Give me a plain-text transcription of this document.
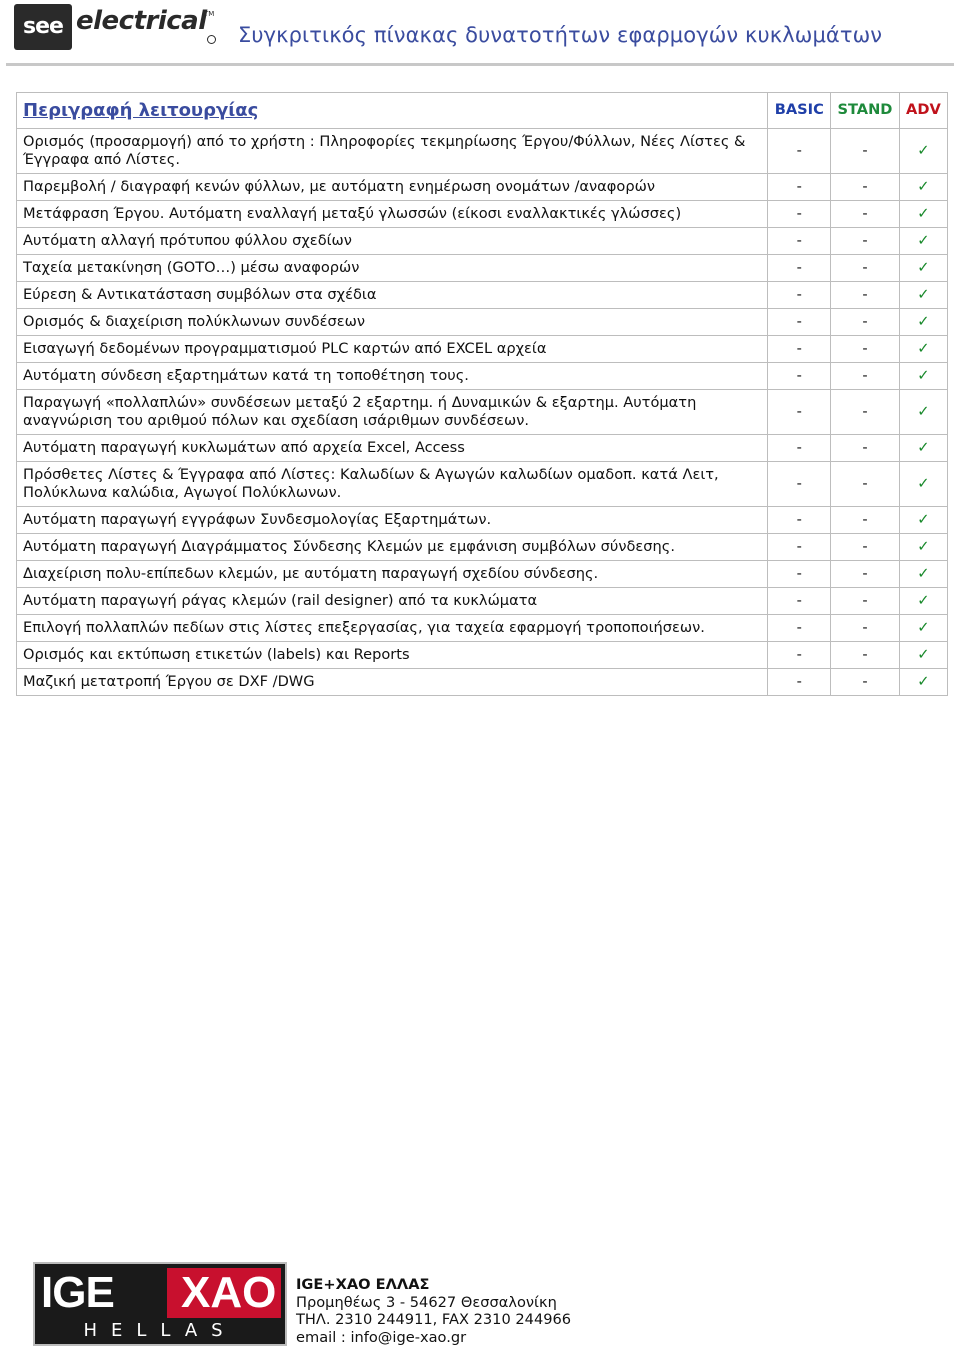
see electrical
TM
Συγκριτικός πίνακας δυνατοτήτων εφαρμογών κυκλωμάτων
Περιγραφή λειτουργίας	BASIC	STAND	ADV
Ορισμός (προσαρμογή) από το χρήστη : Πληροφορίες τεκμηρίωσης Έργου/Φύλλων, Νέες Λίστες & Έγγραφα από Λίστες.	-	-	✓
Παρεμβολή / διαγραφή κενών φύλλων, με αυτόματη ενημέρωση ονομάτων /αναφορών	-	-	✓
Μετάφραση Έργου. Αυτόματη εναλλαγή μεταξύ γλωσσών (είκοσι εναλλακτικές γλώσσες)	-	-	✓
Αυτόματη αλλαγή πρότυπου φύλλου σχεδίων	-	-	✓
Ταχεία μετακίνηση (GOTO…) μέσω αναφορών	-	-	✓
Εύρεση & Αντικατάσταση συμβόλων στα σχέδια	-	-	✓
Ορισμός & διαχείριση πολύκλωνων συνδέσεων	-	-	✓
Εισαγωγή δεδομένων προγραμματισμού PLC καρτών από EXCEL αρχεία	-	-	✓
Αυτόματη σύνδεση εξαρτημάτων κατά τη τοποθέτηση τους.	-	-	✓
Παραγωγή «πολλαπλών» συνδέσεων μεταξύ 2 εξαρτημ. ή Δυναμικών & εξαρτημ. Αυτόματη αναγνώριση του αριθμού πόλων και σχεδίαση ισάριθμων συνδέσεων.	-	-	✓
Αυτόματη παραγωγή κυκλωμάτων από αρχεία Excel, Access	-	-	✓
Πρόσθετες Λίστες & Έγγραφα από Λίστες: Καλωδίων & Αγωγών καλωδίων ομαδοπ. κατά Λειτ, Πολύκλωνα καλώδια, Αγωγοί Πολύκλωνων.	-	-	✓
Αυτόματη παραγωγή εγγράφων Συνδεσμολογίας Εξαρτημάτων.	-	-	✓
Αυτόματη παραγωγή Διαγράμματος Σύνδεσης Κλεμών με εμφάνιση συμβόλων σύνδεσης.	-	-	✓
Διαχείριση πολυ-επίπεδων κλεμών, με αυτόματη παραγωγή σχεδίου σύνδεσης.	-	-	✓
Αυτόματη παραγωγή ράγας κλεμών (rail designer) από τα κυκλώματα	-	-	✓
Επιλογή πολλαπλών πεδίων στις λίστες επεξεργασίας, για ταχεία εφαρμογή τροποποιήσεων.	-	-	✓
Ορισμός και εκτύπωση ετικετών (labels) και Reports	-	-	✓
Μαζική μετατροπή Έργου σε DXF /DWG	-	-	✓
IGE XAO
HELLAS
IGE+XAO ΕΛΛΑΣ
Προμηθέως 3 - 54627 Θεσσαλονίκη
ΤΗΛ. 2310 244911, FAX 2310 244966
email : info@ige-xao.gr
